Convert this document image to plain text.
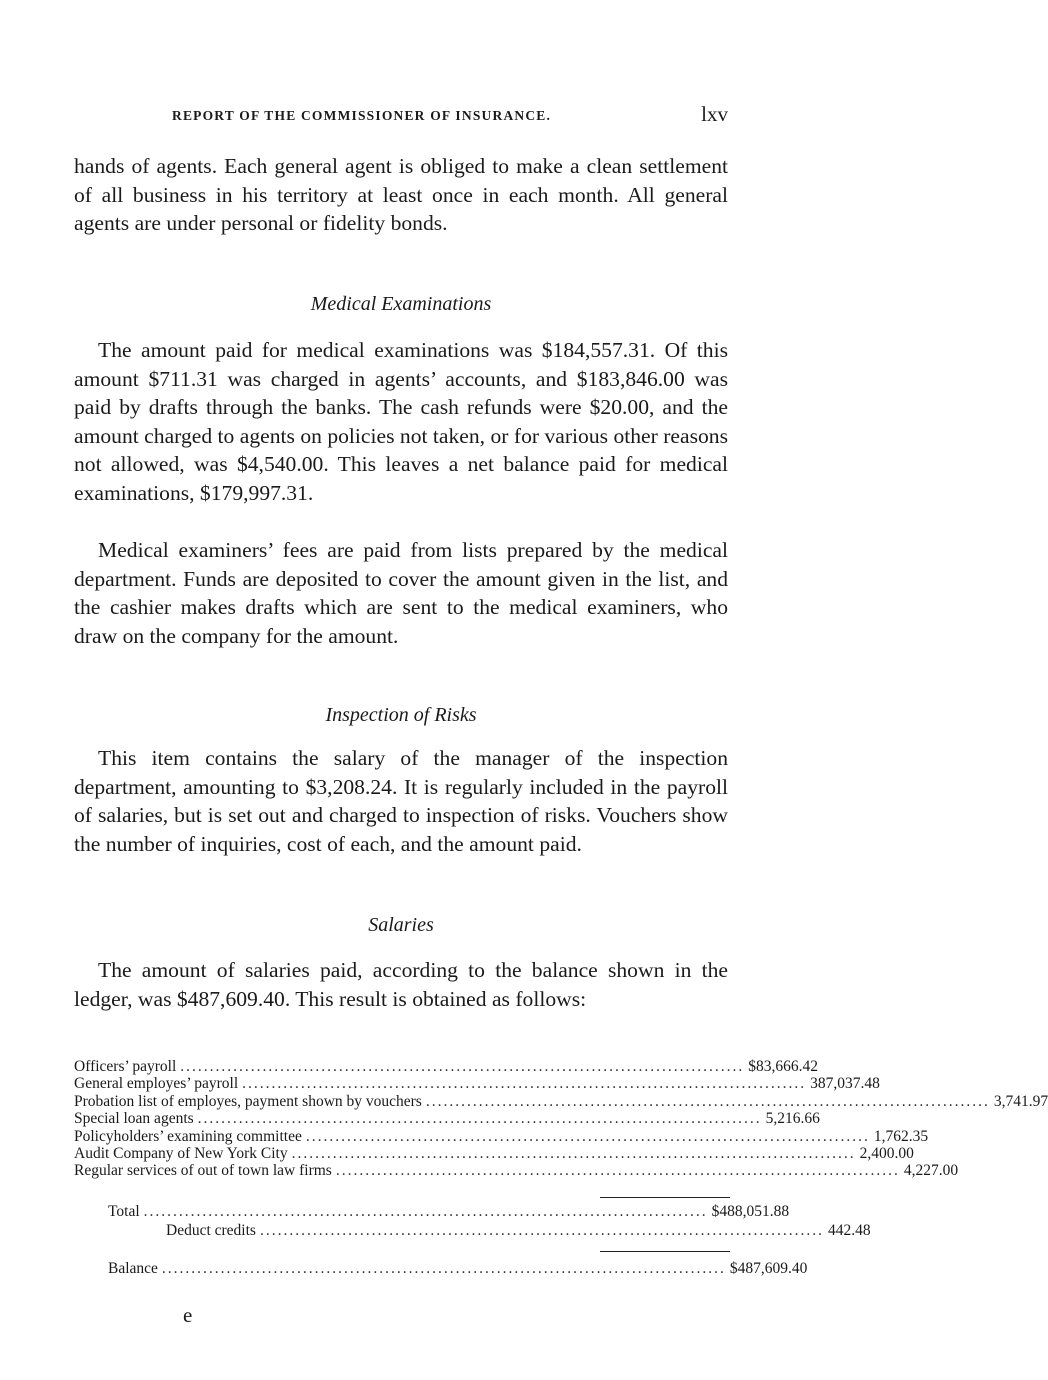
REPORT OF THE COMMISSIONER OF INSURANCE.	lxv

hands of agents. Each general agent is obliged to make a clean settlement of all business in his territory at least once in each month. All general agents are under personal or fidelity bonds.

Medical Examinations

The amount paid for medical examinations was $184,557.31. Of this amount $711.31 was charged in agents’ accounts, and $183,846.00 was paid by drafts through the banks. The cash refunds were $20.00, and the amount charged to agents on policies not taken, or for various other reasons not allowed, was $4,540.00. This leaves a net balance paid for medical examinations, $179,997.31.

Medical examiners’ fees are paid from lists prepared by the medical department. Funds are deposited to cover the amount given in the list, and the cashier makes drafts which are sent to the medical examiners, who draw on the company for the amount.

Inspection of Risks

This item contains the salary of the manager of the inspection department, amounting to $3,208.24. It is regularly included in the payroll of salaries, but is set out and charged to inspection of risks. Vouchers show the number of inquiries, cost of each, and the amount paid.

Salaries

The amount of salaries paid, according to the balance shown in the ledger, was $487,609.40. This result is obtained as follows:

Officers’ payroll ................................................................................................ $83,666.42
General employes’ payroll ................................................................................................ 387,037.48
Probation list of employes, payment shown by vouchers ................................................................................................ 3,741.97
Special loan agents ................................................................................................ 5,216.66
Policyholders’ examining committee ................................................................................................ 1,762.35
Audit Company of New York City ................................................................................................ 2,400.00
Regular services of out of town law firms ................................................................................................ 4,227.00
Total ................................................................................................ $488,051.88
Deduct credits ................................................................................................ 442.48
Balance ................................................................................................ $487,609.40
e
